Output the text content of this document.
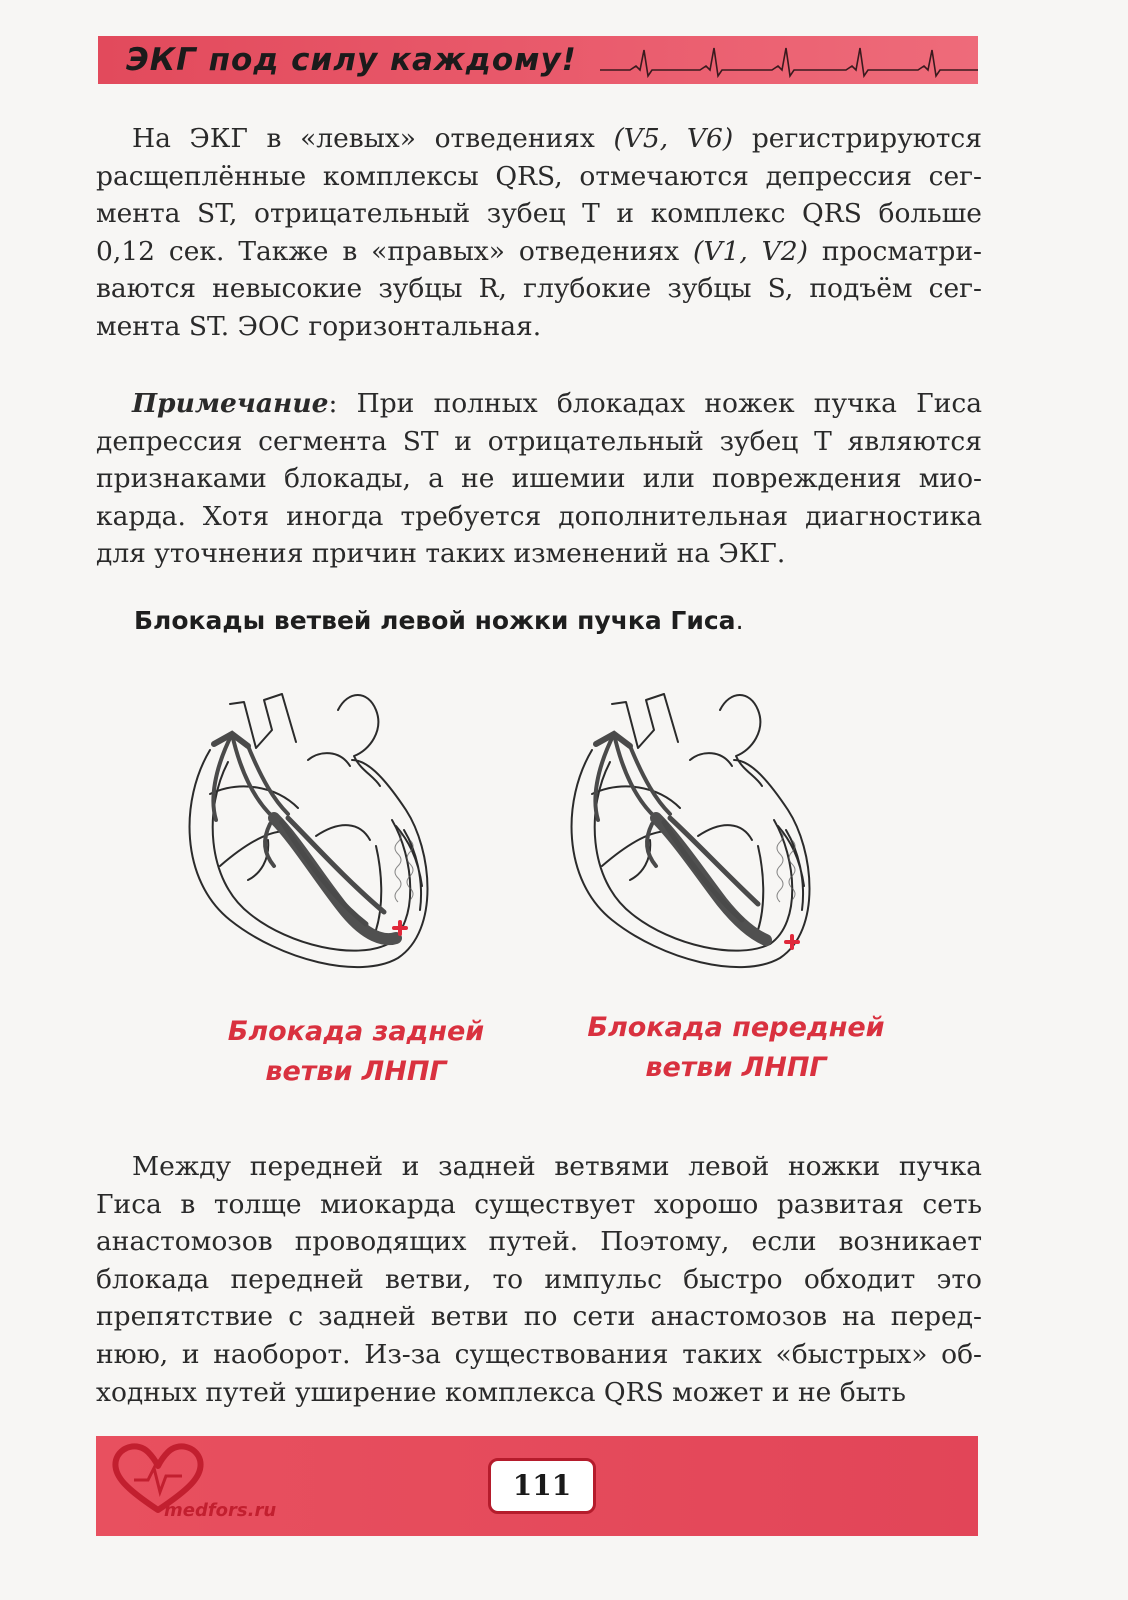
ЭКГ под силу каждому!

На ЭКГ в «левых» отведениях (V5, V6) регистрируются расщеплённые комплексы QRS, отмечаются депрессия сегмента ST, отрицательный зубец T и комплекс QRS больше 0,12 сек. Также в «правых» отведениях (V1, V2) просматриваются невысокие зубцы R, глубокие зубцы S, подъём сегмента ST. ЭОС горизонтальная.

Примечание: При полных блокадах ножек пучка Гиса депрессия сегмента ST и отрицательный зубец T являются признаками блокады, а не ишемии или повреждения миокарда. Хотя иногда требуется дополнительная диагностика для уточнения причин таких изменений на ЭКГ.

Блокады ветвей левой ножки пучка Гиса.

Блокада задней
ветви ЛНПГ

Блокада передней
ветви ЛНПГ

Между передней и задней ветвями левой ножки пучка Гиса в толще миокарда существует хорошо развитая сеть анастомозов проводящих путей. Поэтому, если возникает блокада передней ветви, то импульс быстро обходит это препятствие с задней ветви по сети анастомозов на переднюю, и наоборот. Из-за существования таких «быстрых» обходных путей уширение комплекса QRS может и не быть

medfors.ru
111
